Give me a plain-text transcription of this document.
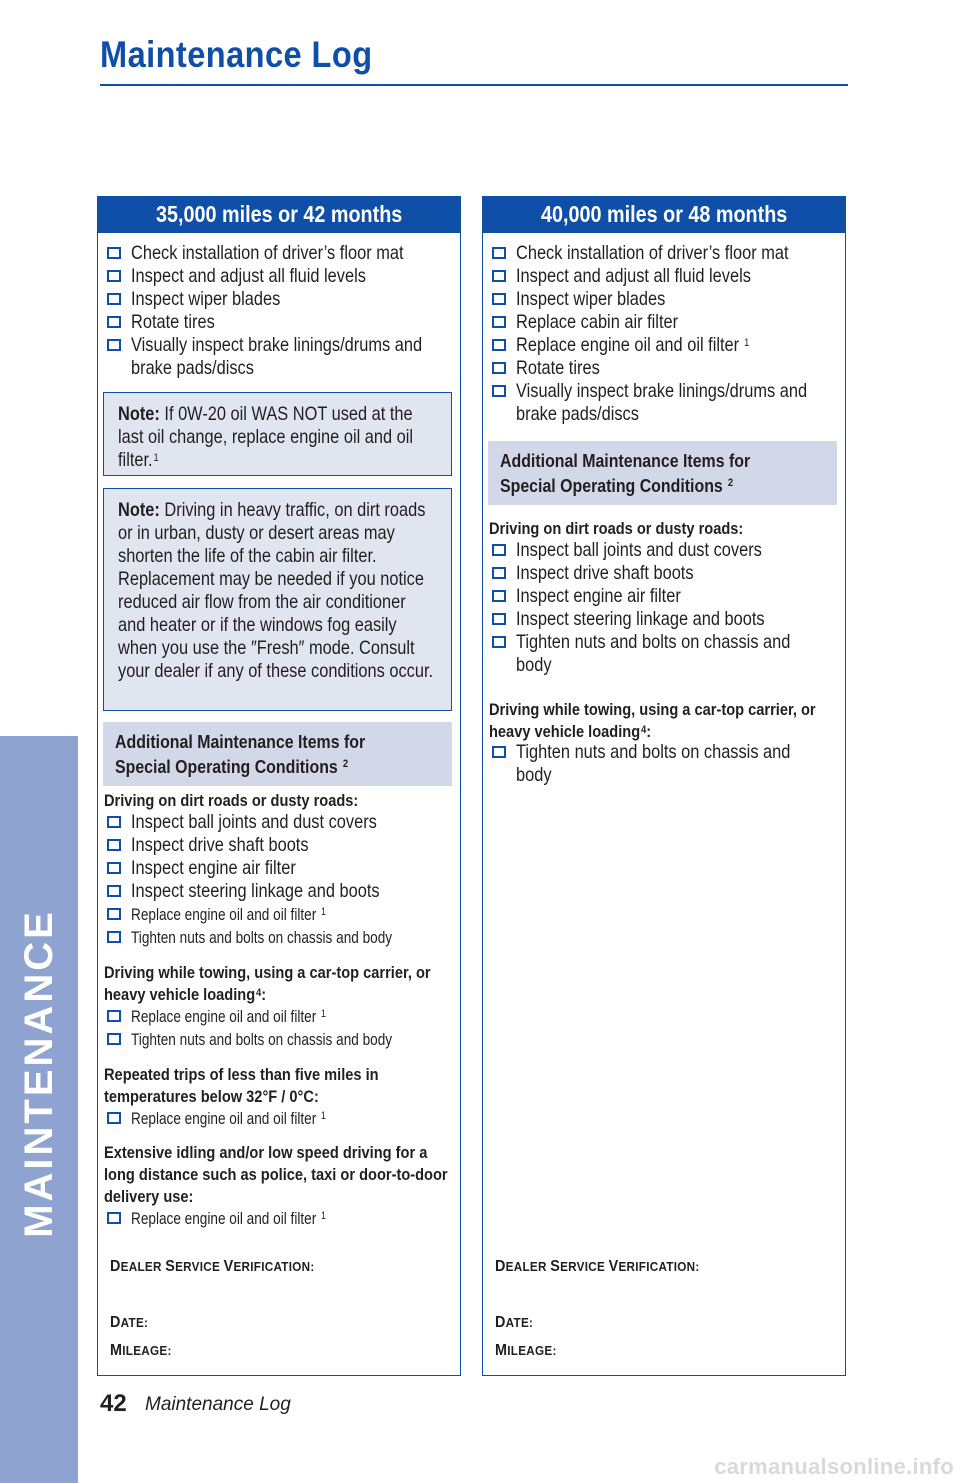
Maintenance Log
MAINTENANCE
35,000 miles or 42 months
Check installation of driver’s floor mat
Inspect and adjust all fluid levels
Inspect wiper blades
Rotate tires
Visually inspect brake linings/drums and
brake pads/discs
Note: If 0W-20 oil WAS NOT used at the last oil change, replace engine oil and oil filter.$^1$
Note: Driving in heavy traffic, on dirt roads or in urban, dusty or desert areas may shorten the life of the cabin air filter. Replacement may be needed if you notice reduced air flow from the air conditioner and heater or if the windows fog easily when you use the ″Fresh″ mode. Consult your dealer if any of these conditions occur.
Additional Maintenance Items for
Special Operating Conditions $^2$
Driving on dirt roads or dusty roads:
Inspect ball joints and dust covers
Inspect drive shaft boots
Inspect engine air filter
Inspect steering linkage and boots
Replace engine oil and oil filter $^1$
Tighten nuts and bolts on chassis and body
Driving while towing, using a car-top carrier, or heavy vehicle loading$^4$:
Replace engine oil and oil filter $^1$
Tighten nuts and bolts on chassis and body
Repeated trips of less than five miles in temperatures below 32°F / 0°C:
Replace engine oil and oil filter $^1$
Extensive idling and/or low speed driving for a long distance such as police, taxi or door-to-door delivery use:
Replace engine oil and oil filter $^1$
DEALER SERVICE VERIFICATION:
DATE:
MILEAGE:
40,000 miles or 48 months
Check installation of driver’s floor mat
Inspect and adjust all fluid levels
Inspect wiper blades
Replace cabin air filter
Replace engine oil and oil filter $^1$
Rotate tires
Visually inspect brake linings/drums and
brake pads/discs
Additional Maintenance Items for
Special Operating Conditions $^2$
Driving on dirt roads or dusty roads:
Inspect ball joints and dust covers
Inspect drive shaft boots
Inspect engine air filter
Inspect steering linkage and boots
Tighten nuts and bolts on chassis and
body
Driving while towing, using a car-top carrier, or heavy vehicle loading$^4$:
Tighten nuts and bolts on chassis and
body
DEALER SERVICE VERIFICATION:
DATE:
MILEAGE:
42 Maintenance Log
carmanualsonline.info
